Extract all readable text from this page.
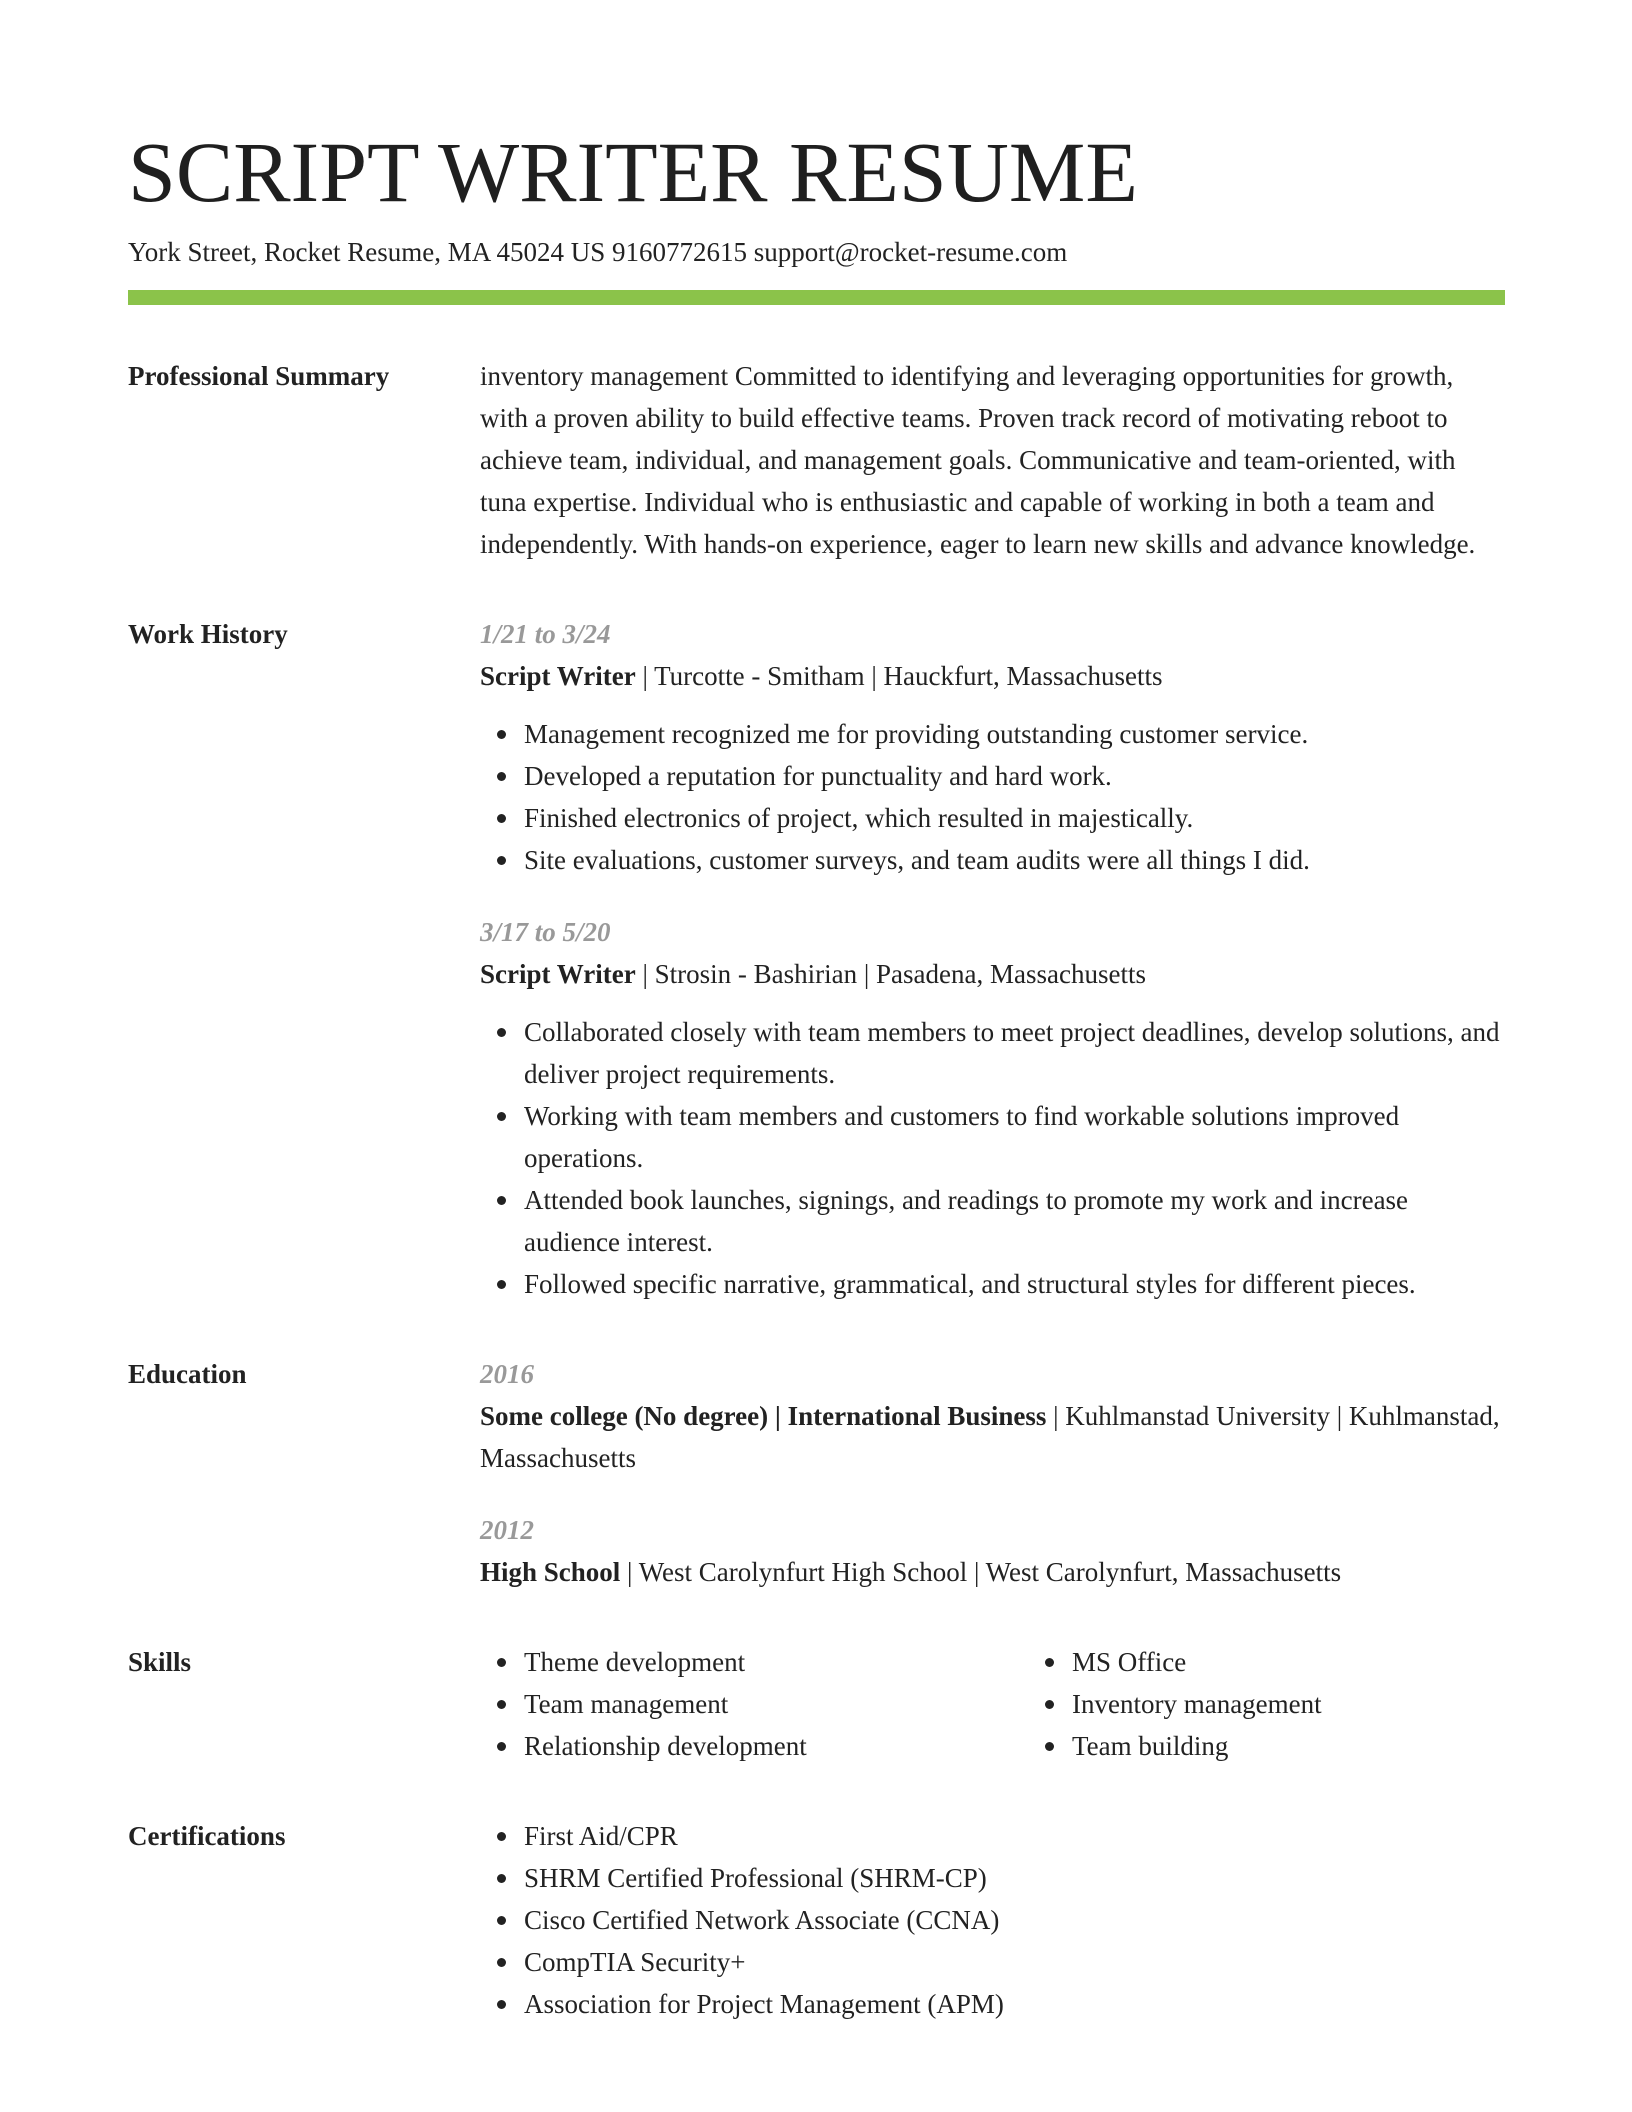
SCRIPT WRITER RESUME
York Street, Rocket Resume, MA 45024 US 9160772615 support@rocket-resume.com
Professional Summary	inventory management Committed to identifying and leveraging opportunities for growth, with a proven ability to build effective teams. Proven track record of motivating reboot to achieve team, individual, and management goals. Communicative and team-oriented, with tuna expertise. Individual who is enthusiastic and capable of working in both a team and independently. With hands-on experience, eager to learn new skills and advance knowledge.

Work History	1/21 to 3/24
Script Writer | Turcotte - Smitham | Hauckfurt, Massachusetts
Management recognized me for providing outstanding customer service.
Developed a reputation for punctuality and hard work.
Finished electronics of project, which resulted in majestically.
Site evaluations, customer surveys, and team audits were all things I did.
3/17 to 5/20
Script Writer | Strosin - Bashirian | Pasadena, Massachusetts
Collaborated closely with team members to meet project deadlines, develop solutions, and deliver project requirements.
Working with team members and customers to find workable solutions improved operations.
Attended book launches, signings, and readings to promote my work and increase audience interest.
Followed specific narrative, grammatical, and structural styles for different pieces.
Education	2016
Some college (No degree) | International Business | Kuhlmanstad University | Kuhlmanstad, Massachusetts
2012
High School | West Carolynfurt High School | West Carolynfurt, Massachusetts
Skills	Theme development
Team management
Relationship development
MS Office
Inventory management
Team building
Certifications	First Aid/CPR
SHRM Certified Professional (SHRM-CP)
Cisco Certified Network Associate (CCNA)
CompTIA Security+
Association for Project Management (APM)
